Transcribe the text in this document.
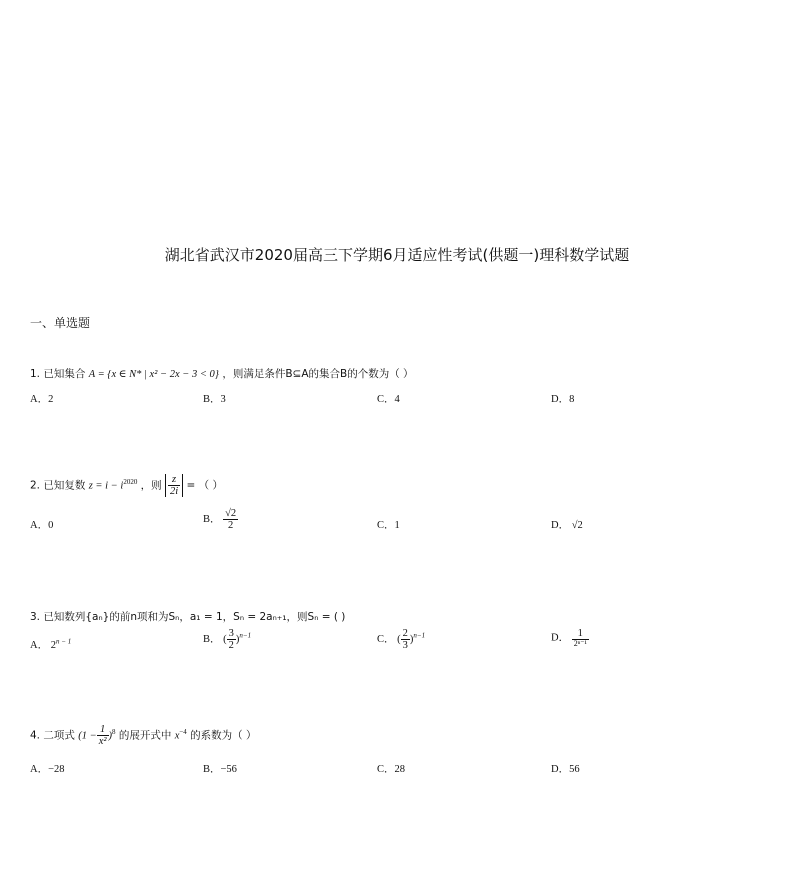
湖北省武汉市2020届高三下学期6月适应性考试(供题一)理科数学试题
一、单选题
1. 已知集合 A = {x ∈ N* | x² − 2x − 3 < 0} ，则满足条件B⊆A的集合B的个数为（ ）
A．2	B．3	C．4	D．8
2. 已知复数 $z = i - i^{2020}$ ，则 $\frac{z}{2i}$ = （ ）
A．0
B． $\frac{√2}{2}$	C．1	D． √2
3. 已知数列{aₙ}的前n项和为Sₙ，a₁ = 1，Sₙ = 2aₙ₊₁，则Sₙ = ( )
A． $2^{n - 1}$	B． ( $\frac{3}{2} )^{n-1}$	C． ( $\frac{2}{3} )^{n-1}$	D． $\frac{1}{\text{2ⁿ⁻¹}}$
4. 二项式 $(1 - \frac{1}{\text{x²}} )^8$ 的展开式中 $x^{-4}$ 的系数为（ ）
A．−28	B．−56	C．28	D．56
